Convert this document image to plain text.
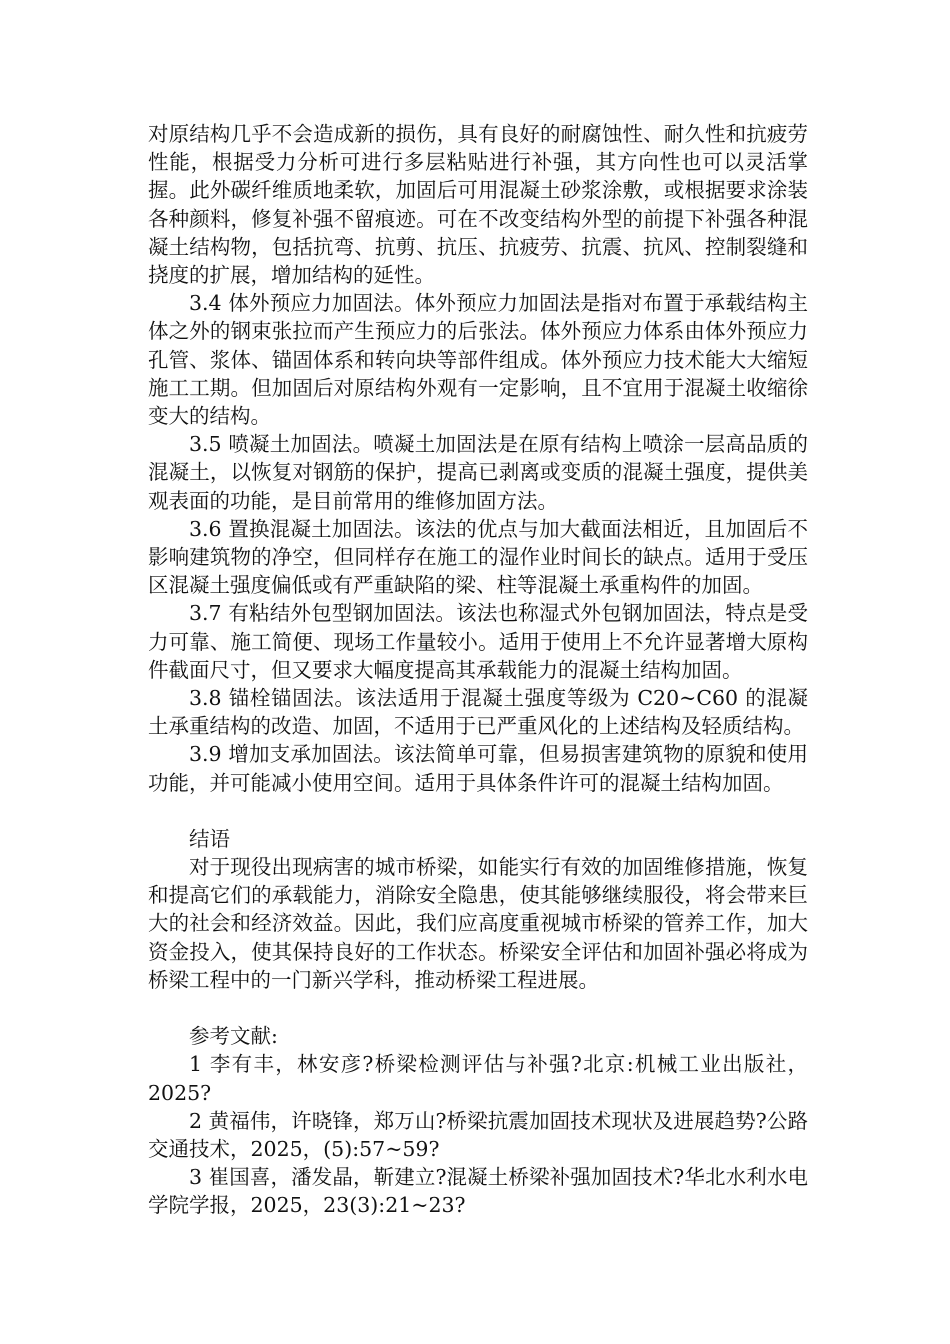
对原结构几乎不会造成新的损伤，具有良好的耐腐蚀性、耐久性和抗疲劳性能，根据受力分析可进行多层粘贴进行补强，其方向性也可以灵活掌握。此外碳纤维质地柔软，加固后可用混凝土砂浆涂敷，或根据要求涂装各种颜料，修复补强不留痕迹。可在不改变结构外型的前提下补强各种混凝土结构物，包括抗弯、抗剪、抗压、抗疲劳、抗震、抗风、控制裂缝和挠度的扩展，增加结构的延性。

3.4 体外预应力加固法。体外预应力加固法是指对布置于承载结构主体之外的钢束张拉而产生预应力的后张法。体外预应力体系由体外预应力孔管、浆体、锚固体系和转向块等部件组成。体外预应力技术能大大缩短施工工期。但加固后对原结构外观有一定影响，且不宜用于混凝土收缩徐变大的结构。

3.5 喷凝土加固法。喷凝土加固法是在原有结构上喷涂一层高品质的混凝土，以恢复对钢筋的保护，提高已剥离或变质的混凝土强度，提供美观表面的功能，是目前常用的维修加固方法。

3.6 置换混凝土加固法。该法的优点与加大截面法相近，且加固后不影响建筑物的净空，但同样存在施工的湿作业时间长的缺点。适用于受压区混凝土强度偏低或有严重缺陷的梁、柱等混凝土承重构件的加固。

3.7 有粘结外包型钢加固法。该法也称湿式外包钢加固法，特点是受力可靠、施工简便、现场工作量较小。适用于使用上不允许显著增大原构件截面尺寸，但又要求大幅度提高其承载能力的混凝土结构加固。

3.8 锚栓锚固法。该法适用于混凝土强度等级为 C20~C60 的混凝土承重结构的改造、加固，不适用于已严重风化的上述结构及轻质结构。

3.9 增加支承加固法。该法简单可靠，但易损害建筑物的原貌和使用功能，并可能减小使用空间。适用于具体条件许可的混凝土结构加固。

结语

对于现役出现病害的城市桥梁，如能实行有效的加固维修措施，恢复和提高它们的承载能力，消除安全隐患，使其能够继续服役，将会带来巨大的社会和经济效益。因此，我们应高度重视城市桥梁的管养工作，加大资金投入，使其保持良好的工作状态。桥梁安全评估和加固补强必将成为桥梁工程中的一门新兴学科，推动桥梁工程进展。

参考文献:

1 李有丰，林安彦?桥梁检测评估与补强?北京:机械工业出版社，2025?

2 黄福伟，许晓锋，郑万山?桥梁抗震加固技术现状及进展趋势?公路交通技术，2025，(5):57~59?

3 崔国喜，潘发晶，靳建立?混凝土桥梁补强加固技术?华北水利水电学院学报，2025，23(3):21~23?
